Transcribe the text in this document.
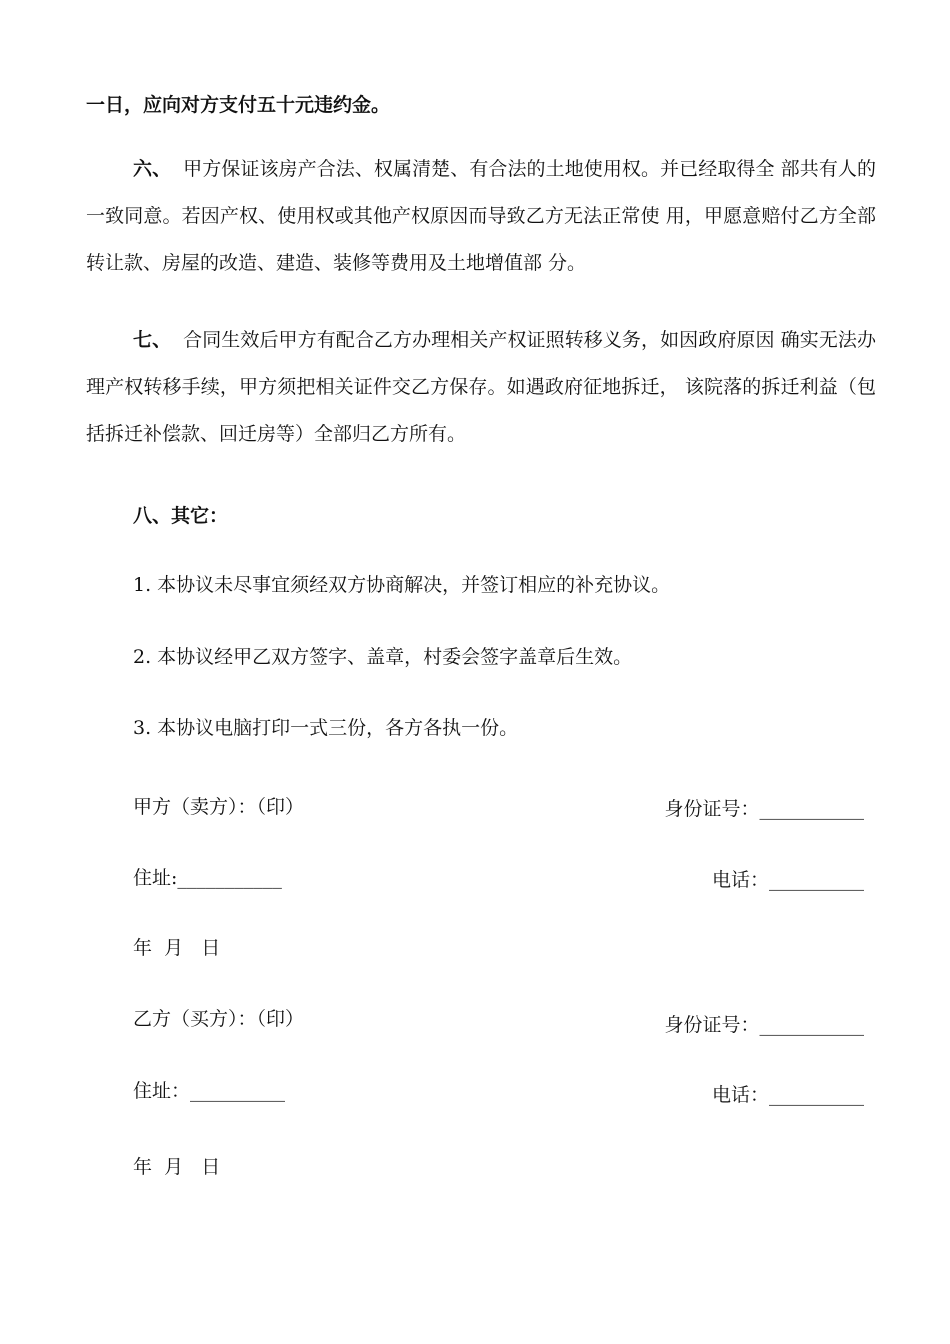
一日，应向对方支付五十元违约金。
六、 甲方保证该房产合法、权属清楚、有合法的土地使用权。并已经取得全 部共有人的一致同意。若因产权、使用权或其他产权原因而导致乙方无法正常使 用，甲愿意赔付乙方全部转让款、房屋的改造、建造、装修等费用及土地增值部 分。
七、 合同生效后甲方有配合乙方办理相关产权证照转移义务，如因政府原因 确实无法办理产权转移手续，甲方须把相关证件交乙方保存。如遇政府征地拆迁， 该院落的拆迁利益（包括拆迁补偿款、回迁房等）全部归乙方所有。
八、其它：
1. 本协议未尽事宜须经双方协商解决，并签订相应的补充协议。
2. 本协议经甲乙双方签字、盖章，村委会签字盖章后生效。
3. 本协议电脑打印一式三份，各方各执一份。
甲方（卖方）：（印）	身份证号：___________
住址:___________	电话：__________
年  月   日
乙方（买方）：（印）	身份证号：___________
住址：__________	电话：__________
年  月   日
